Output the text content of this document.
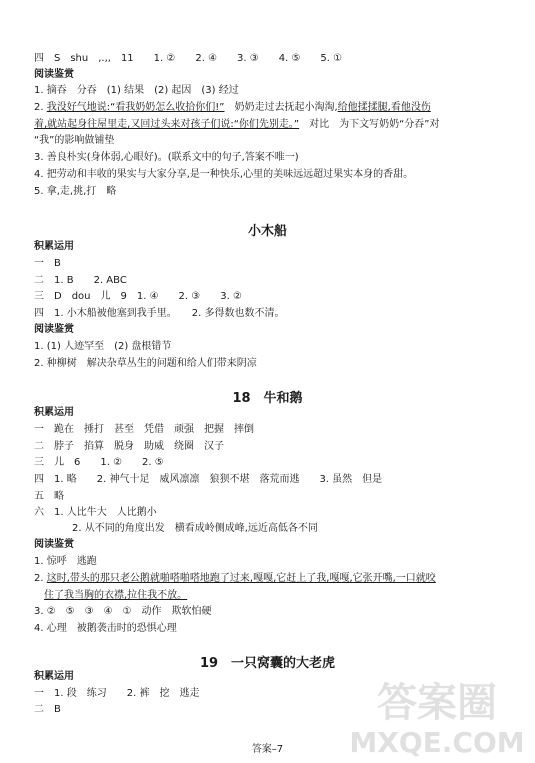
四　S　shu　,.,,　11　　1. ②　　2. ④　　3. ③　　4. ⑤　　5. ①
阅读鉴赏
1. 摘吞　分吞　(1) 结果　(2) 起因　(3) 经过
2. 我没好气地说:“看我奶奶怎么收拾你们!”　奶奶走过去抚起小淘淘,给他揉揉腿,看他没伤
着,就站起身往屋里走,又回过头来对孩子们说:“你们先别走。”　对比　为下文写奶奶“分吞”对
“我”的影响做铺垫
3. 善良朴实(身体弱,心眼好)。(联系文中的句子,答案不唯一)
4. 把劳动和丰收的果实与大家分享,是一种快乐,心里的美味远远超过果实本身的香甜。
5. 拿,走,挑,打　略
小木船
积累运用
一　B
二　1. B　　2. ABC
三　D　dou　儿　9　1. ④　　2. ③　　3. ②
四　1. 小木船被他塞到我手里。　　2. 多得数也数不清。
阅读鉴赏
1. (1) 人迹罕至　(2) 盘根错节
2. 种柳树　解决杂草丛生的问题和给人们带来阴凉
18　牛和鹅
积累运用
一　跪在　捶打　甚至　凭借　顽强　把握　摔倒
二　脖子　掐算　脱身　助威　绕圈　汉子
三　儿　6　　1. ②　　2. ⑤
四　1. 略　　2. 神气十足　威风凛凛　狼狈不堪　落荒而逃　　3. 虽然　但是
五　略
六　1. 人比牛大　人比鹅小
2. 从不同的角度出发　横看成岭侧成峰,远近高低各不同
阅读鉴赏
1. 惊呼　逃跑
2. 这时,带头的那只老公鹅就啪嗒啪嗒地跑了过来,嘎嘎,它赶上了我,嘎嘎,它张开嘴,一口就咬
住了我当胸的衣襟,拉住我不放。
3. ②　⑤　③　④　①　动作　欺软怕硬
4. 心理　被鹅袭击时的恐惧心理
19　一只窝囊的大老虎
积累运用
一　1. 段　练习　　2. 裤　挖　逃走
二　B
答案–7
答案圈
MXQE.COM
